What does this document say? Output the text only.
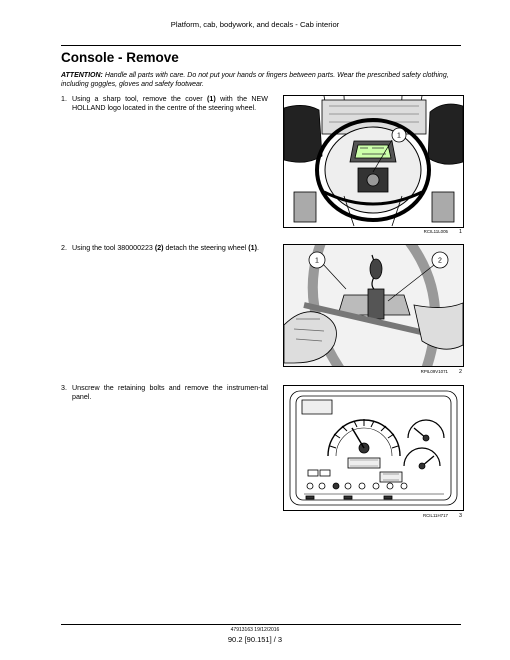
Platform, cab, bodywork, and decals - Cab interior
Console - Remove
ATTENTION: Handle all parts with care. Do not put your hands or fingers between parts. Wear the prescribed safety clothing, including goggles, gloves and safety footwear.
1. Using a sharp tool, remove the cover (1) with the NEW HOLLAND logo located in the centre of the steering wheel.
1
RCIL11L005 1
2. Using the tool 380000223 (2) detach the steering wheel (1).
1	2
RPIL09V1071 2
3. Unscrew the retaining bolts and remove the instrumen-tal panel.
RCIL11H717 3
47913163 19/12/2016
90.2 [90.151] / 3
